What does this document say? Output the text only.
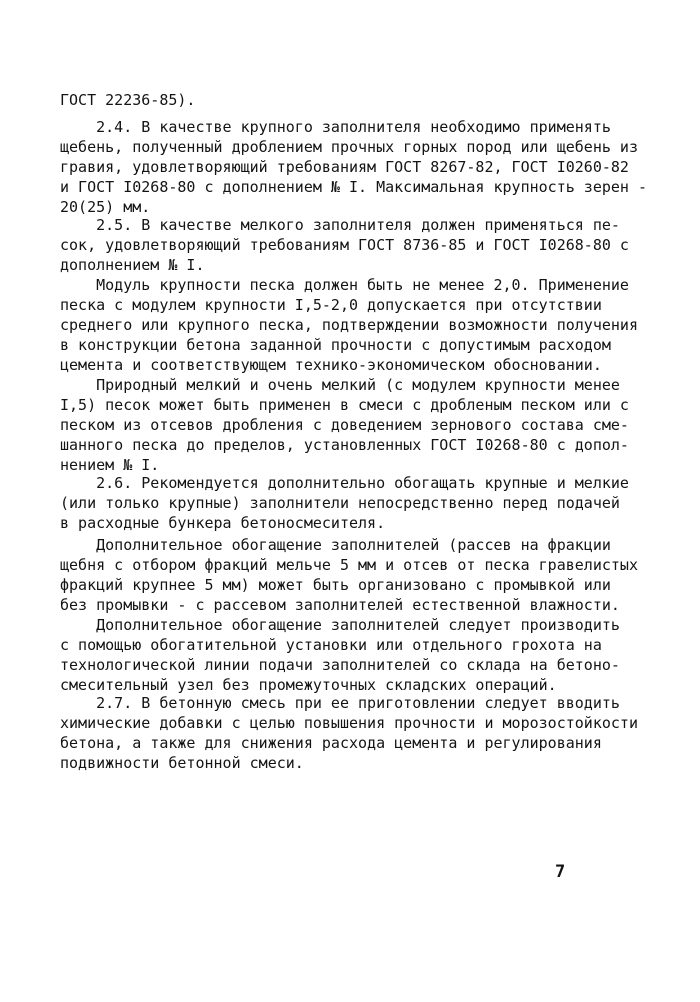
ГОСТ 22236-85).
2.4. В качестве крупного заполнителя необходимо применять
щебень, полученный дроблением прочных горных пород или щебень из
гравия, удовлетворяющий требованиям ГОСТ 8267-82, ГОСТ I0260-82
и ГОСТ I0268-80 с дополнением № I. Максимальная крупность зерен -
20(25) мм.
2.5. В качестве мелкого заполнителя должен применяться пе-
сок, удовлетворяющий требованиям ГОСТ 8736-85 и ГОСТ I0268-80 с
дополнением № I.
Модуль крупности песка должен быть не менее 2,0. Применение
песка с модулем крупности I,5-2,0 допускается при отсутствии
среднего или крупного песка, подтверждении возможности получения
в конструкции бетона заданной прочности с допустимым расходом
цемента и соответствующем технико-экономическом обосновании.
Природный мелкий и очень мелкий (с модулем крупности менее
I,5) песок может быть применен в смеси с дробленым песком или с
песком из отсевов дробления с доведением зернового состава сме-
шанного песка до пределов, установленных ГОСТ I0268-80 с допол-
нением № I.
2.6. Рекомендуется дополнительно обогащать крупные и мелкие
(или только крупные) заполнители непосредственно перед подачей
в расходные бункера бетоносмесителя.
Дополнительное обогащение заполнителей (рассев на фракции
щебня с отбором фракций мельче 5 мм и отсев от песка гравелистых
фракций крупнее 5 мм) может быть организовано с промывкой или
без промывки - с рассевом заполнителей естественной влажности.
Дополнительное обогащение заполнителей следует производить
с помощью обогатительной установки или отдельного грохота на
технологической линии подачи заполнителей со склада на бетоно-
смесительный узел без промежуточных складских операций.
2.7. В бетонную смесь при ее приготовлении следует вводить
химические добавки с целью повышения прочности и морозостойкости
бетона, а также для снижения расхода цемента и регулирования
подвижности бетонной смеси.
7
